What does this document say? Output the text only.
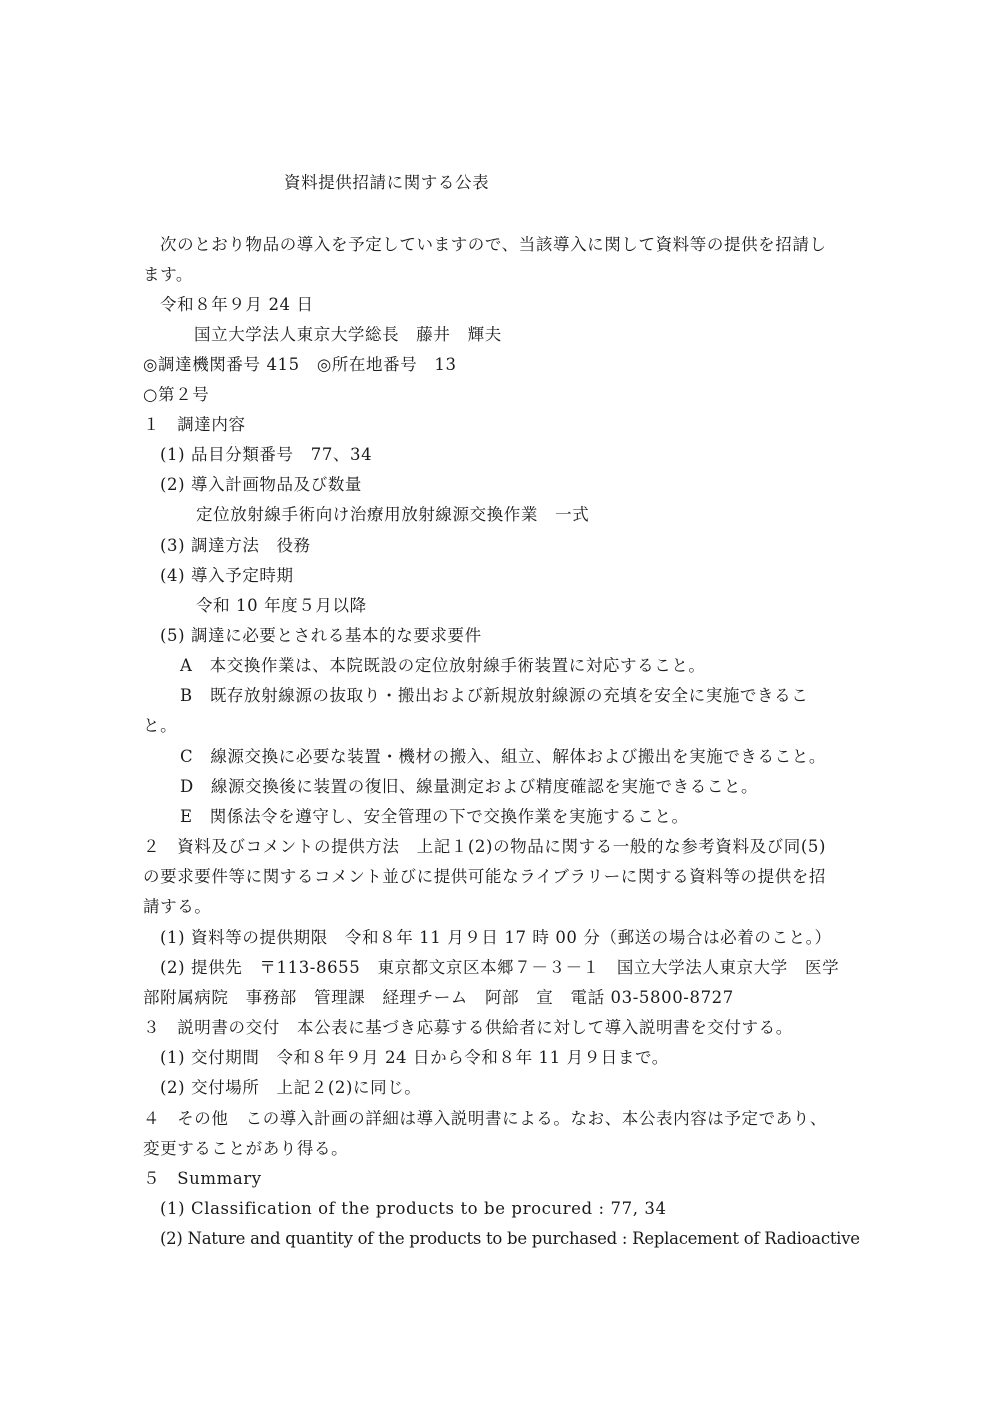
資料提供招請に関する公表
次のとおり物品の導入を予定していますので、当該導入に関して資料等の提供を招請し
ます。
令和８年９月 24 日
国立大学法人東京大学総長　藤井　輝夫
◎調達機関番号 415　◎所在地番号　13
○第２号
１　調達内容
(1) 品目分類番号　77、34
(2) 導入計画物品及び数量
定位放射線手術向け治療用放射線源交換作業　一式
(3) 調達方法　役務
(4) 導入予定時期
令和 10 年度５月以降
(5) 調達に必要とされる基本的な要求要件
A　本交換作業は、本院既設の定位放射線手術装置に対応すること。
B　既存放射線源の抜取り・搬出および新規放射線源の充填を安全に実施できるこ
と。
C　線源交換に必要な装置・機材の搬入、組立、解体および搬出を実施できること。
D　線源交換後に装置の復旧、線量測定および精度確認を実施できること。
E　関係法令を遵守し、安全管理の下で交換作業を実施すること。
２　資料及びコメントの提供方法　上記１(2)の物品に関する一般的な参考資料及び同(5)
の要求要件等に関するコメント並びに提供可能なライブラリーに関する資料等の提供を招
請する。
(1) 資料等の提供期限　令和８年 11 月９日 17 時 00 分（郵送の場合は必着のこと。）
(2) 提供先　〒113-8655　東京都文京区本郷７－３－１　国立大学法人東京大学　医学
部附属病院　事務部　管理課　経理チーム　阿部　宣　電話 03-5800-8727
３　説明書の交付　本公表に基づき応募する供給者に対して導入説明書を交付する。
(1) 交付期間　令和８年９月 24 日から令和８年 11 月９日まで。
(2) 交付場所　上記２(2)に同じ。
４　その他　この導入計画の詳細は導入説明書による。なお、本公表内容は予定であり、
変更することがあり得る。
５　Summary
(1) Classification of the products to be procured : 77, 34
(2) Nature and quantity of the products to be purchased : Replacement of Radioactive
